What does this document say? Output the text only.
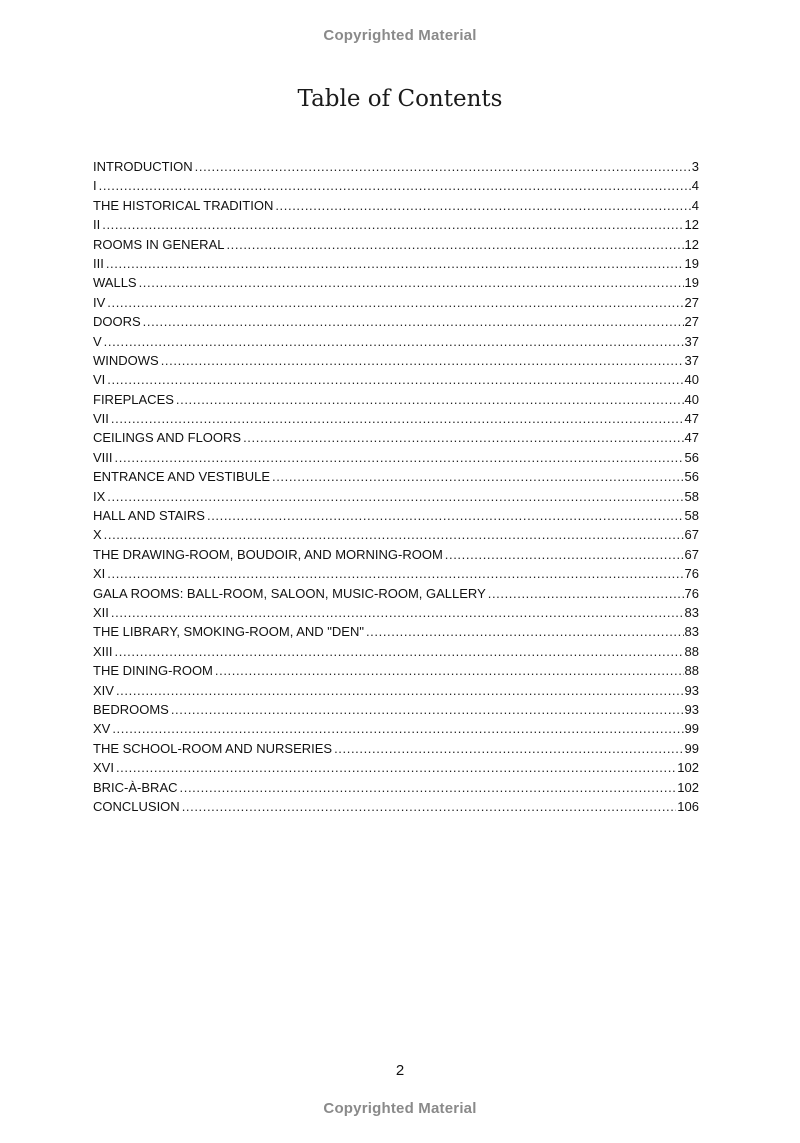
Copyrighted Material
Table of Contents
INTRODUCTION .....	3
I .....	4
THE HISTORICAL TRADITION .....	4
II .....	12
ROOMS IN GENERAL .....	12
III .....	19
WALLS .....	19
IV .....	27
DOORS .....	27
V .....	37
WINDOWS .....	37
VI .....	40
FIREPLACES .....	40
VII .....	47
CEILINGS AND FLOORS .....	47
VIII .....	56
ENTRANCE AND VESTIBULE .....	56
IX .....	58
HALL AND STAIRS .....	58
X .....	67
THE DRAWING-ROOM, BOUDOIR, AND MORNING-ROOM .....	67
XI .....	76
GALA ROOMS: BALL-ROOM, SALOON, MUSIC-ROOM, GALLERY .....	76
XII .....	83
THE LIBRARY, SMOKING-ROOM, AND "DEN" .....	83
XIII .....	88
THE DINING-ROOM .....	88
XIV .....	93
BEDROOMS .....	93
XV .....	99
THE SCHOOL-ROOM AND NURSERIES .....	99
XVI .....	102
BRIC-À-BRAC .....	102
CONCLUSION .....	106
2
Copyrighted Material
